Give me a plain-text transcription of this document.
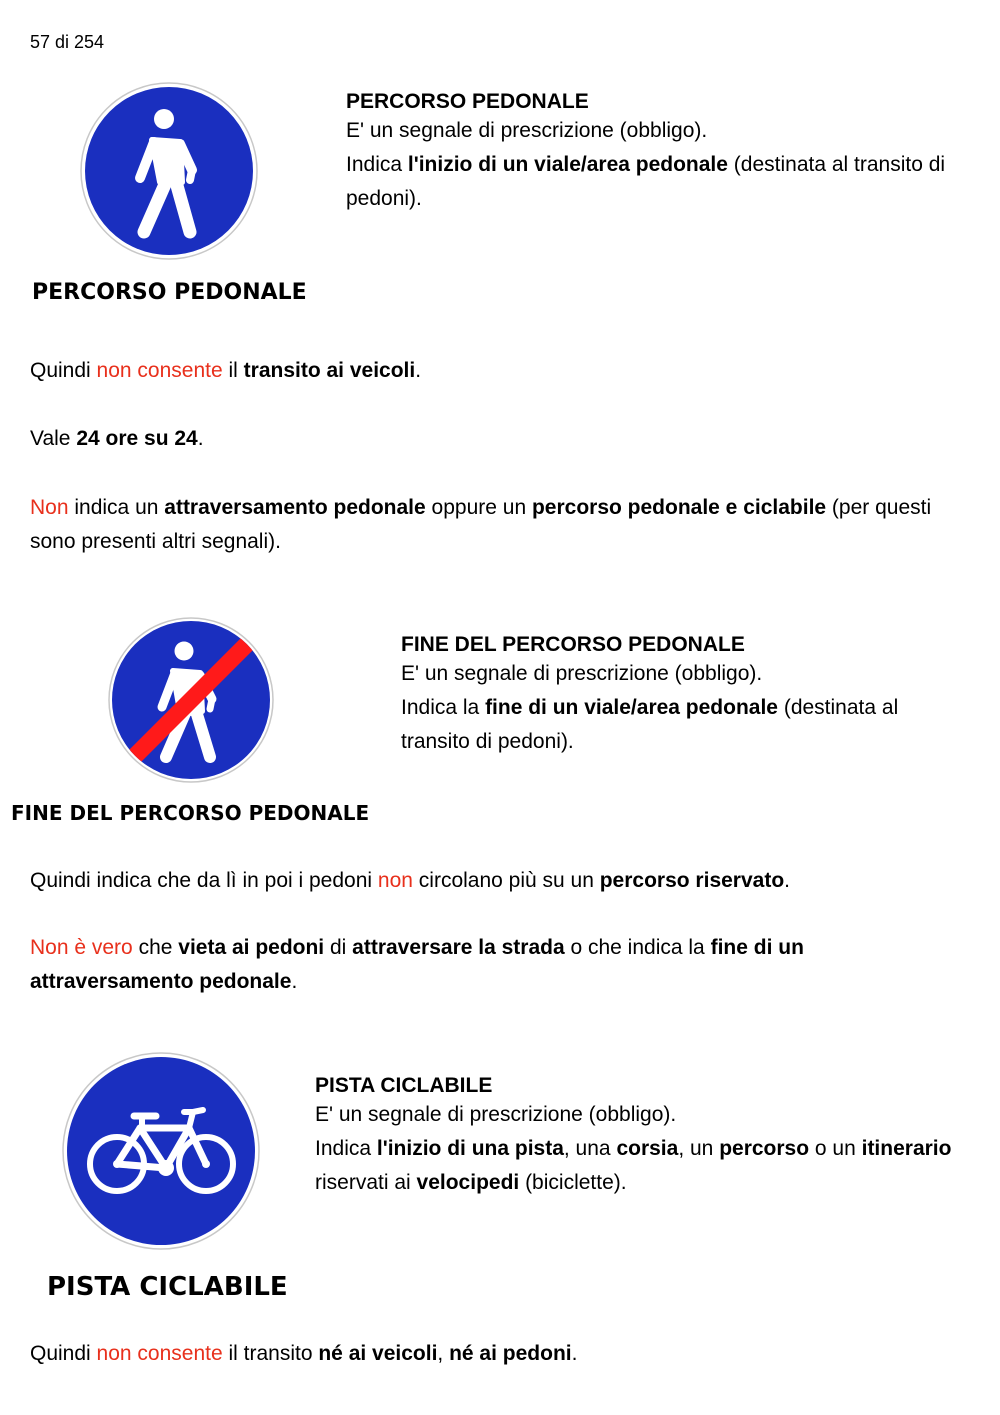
57 di 254
PERCORSO PEDONALE
E' un segnale di prescrizione (obbligo).
Indica l'inizio di un viale/area pedonale (destinata al transito di pedoni).
PERCORSO PEDONALE
Quindi non consente il transito ai veicoli.
Vale 24 ore su 24.
Non indica un attraversamento pedonale oppure un percorso pedonale e ciclabile (per questi sono presenti altri segnali).
FINE DEL PERCORSO PEDONALE
E' un segnale di prescrizione (obbligo).
Indica la fine di un viale/area pedonale (destinata al transito di pedoni).
FINE DEL PERCORSO PEDONALE
Quindi indica che da lì in poi i pedoni non circolano più su un percorso riservato.
Non è vero che vieta ai pedoni di attraversare la strada o che indica la fine di un attraversamento pedonale.
PISTA CICLABILE
E' un segnale di prescrizione (obbligo).
Indica l'inizio di una pista, una corsia, un percorso o un itinerario riservati ai velocipedi (biciclette).
PISTA CICLABILE
Quindi non consente il transito né ai veicoli, né ai pedoni.
